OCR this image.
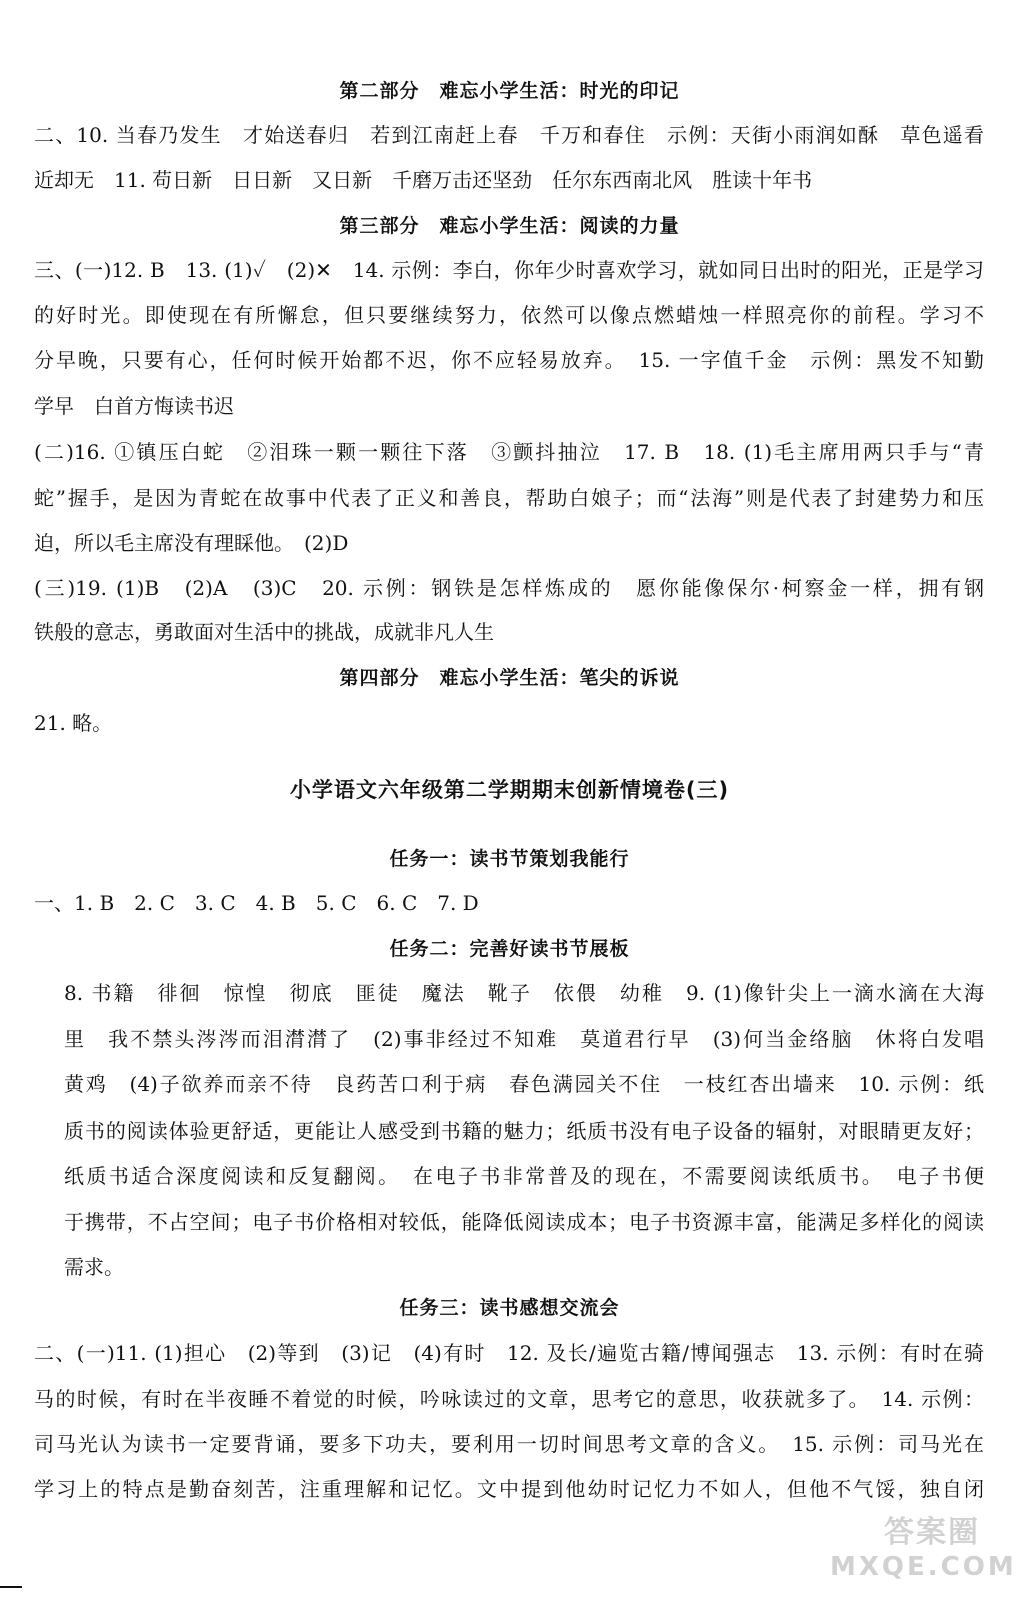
第二部分　难忘小学生活：时光的印记
二、10. 当春乃发生　才始送春归　若到江南赶上春　千万和春住　示例：天街小雨润如酥　草色遥看
近却无　11. 苟日新　日日新　又日新　千磨万击还坚劲　任尔东西南北风　胜读十年书
第三部分　难忘小学生活：阅读的力量
三、(一)12. B　13. (1)✓　(2)✕　14. 示例：李白，你年少时喜欢学习，就如同日出时的阳光，正是学习
的好时光。即使现在有所懈怠，但只要继续努力，依然可以像点燃蜡烛一样照亮你的前程。学习不
分早晚，只要有心，任何时候开始都不迟，你不应轻易放弃。　15. 一字值千金　示例：黑发不知勤
学早　白首方悔读书迟
(二)16. ①镇压白蛇　②泪珠一颗一颗往下落　③颤抖抽泣　17. B　18. (1)毛主席用两只手与“青
蛇”握手，是因为青蛇在故事中代表了正义和善良，帮助白娘子；而“法海”则是代表了封建势力和压
迫，所以毛主席没有理睬他。　(2)D
(三)19. (1)B　(2)A　(3)C　20. 示例：钢铁是怎样炼成的　愿你能像保尔·柯察金一样，拥有钢
铁般的意志，勇敢面对生活中的挑战，成就非凡人生
第四部分　难忘小学生活：笔尖的诉说
21. 略。
小学语文六年级第二学期期末创新情境卷(三)
任务一：读书节策划我能行
一、1. B　2. C　3. C　4. B　5. C　6. C　7. D
任务二：完善好读书节展板
8. 书籍　徘徊　惊惶　彻底　匪徒　魔法　靴子　依偎　幼稚　9. (1)像针尖上一滴水滴在大海
里　我不禁头涔涔而泪潸潸了　(2)事非经过不知难　莫道君行早　(3)何当金络脑　休将白发唱
黄鸡　(4)子欲养而亲不待　良药苦口利于病　春色满园关不住　一枝红杏出墙来　10. 示例：纸
质书的阅读体验更舒适，更能让人感受到书籍的魅力；纸质书没有电子设备的辐射，对眼睛更友好；
纸质书适合深度阅读和反复翻阅。　在电子书非常普及的现在，不需要阅读纸质书。　电子书便
于携带，不占空间；电子书价格相对较低，能降低阅读成本；电子书资源丰富，能满足多样化的阅读
需求。
任务三：读书感想交流会
二、(一)11. (1)担心　(2)等到　(3)记　(4)有时　12. 及长/遍览古籍/博闻强志　13. 示例：有时在骑
马的时候，有时在半夜睡不着觉的时候，吟咏读过的文章，思考它的意思，收获就多了。　14. 示例：
司马光认为读书一定要背诵，要多下功夫，要利用一切时间思考文章的含义。　15. 示例：司马光在
学习上的特点是勤奋刻苦，注重理解和记忆。文中提到他幼时记忆力不如人，但他不气馁，独自闭
答案圈
MXQE.COM
